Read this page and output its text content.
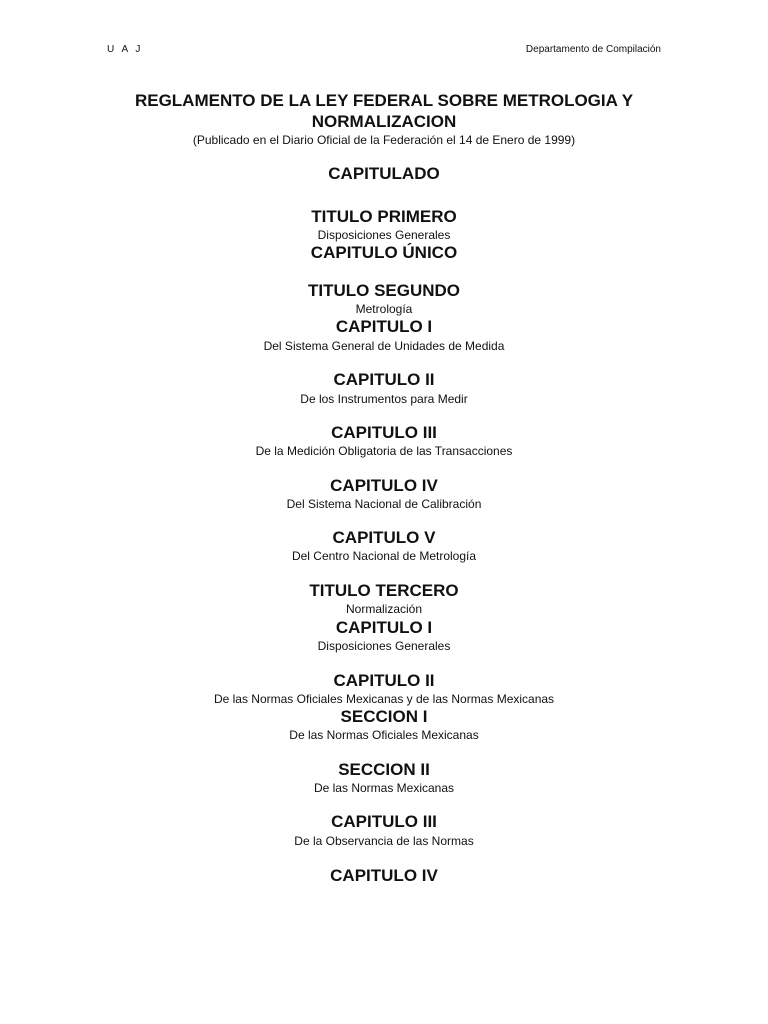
U A J	Departamento de Compilación
REGLAMENTO DE LA LEY FEDERAL SOBRE METROLOGIA Y
NORMALIZACION
(Publicado en el Diario Oficial de la Federación el 14 de Enero de 1999)
CAPITULADO
TITULO PRIMERO
Disposiciones Generales
CAPITULO ÚNICO
TITULO SEGUNDO
Metrología
CAPITULO I
Del Sistema General de Unidades de Medida
CAPITULO II
De los Instrumentos para Medir
CAPITULO III
De la Medición Obligatoria de las Transacciones
CAPITULO IV
Del Sistema Nacional de Calibración
CAPITULO V
Del Centro Nacional de Metrología
TITULO TERCERO
Normalización
CAPITULO I
Disposiciones Generales
CAPITULO II
De las Normas Oficiales Mexicanas y de las Normas Mexicanas
SECCION I
De las Normas Oficiales Mexicanas
SECCION II
De las Normas Mexicanas
CAPITULO III
De la Observancia de las Normas
CAPITULO IV
